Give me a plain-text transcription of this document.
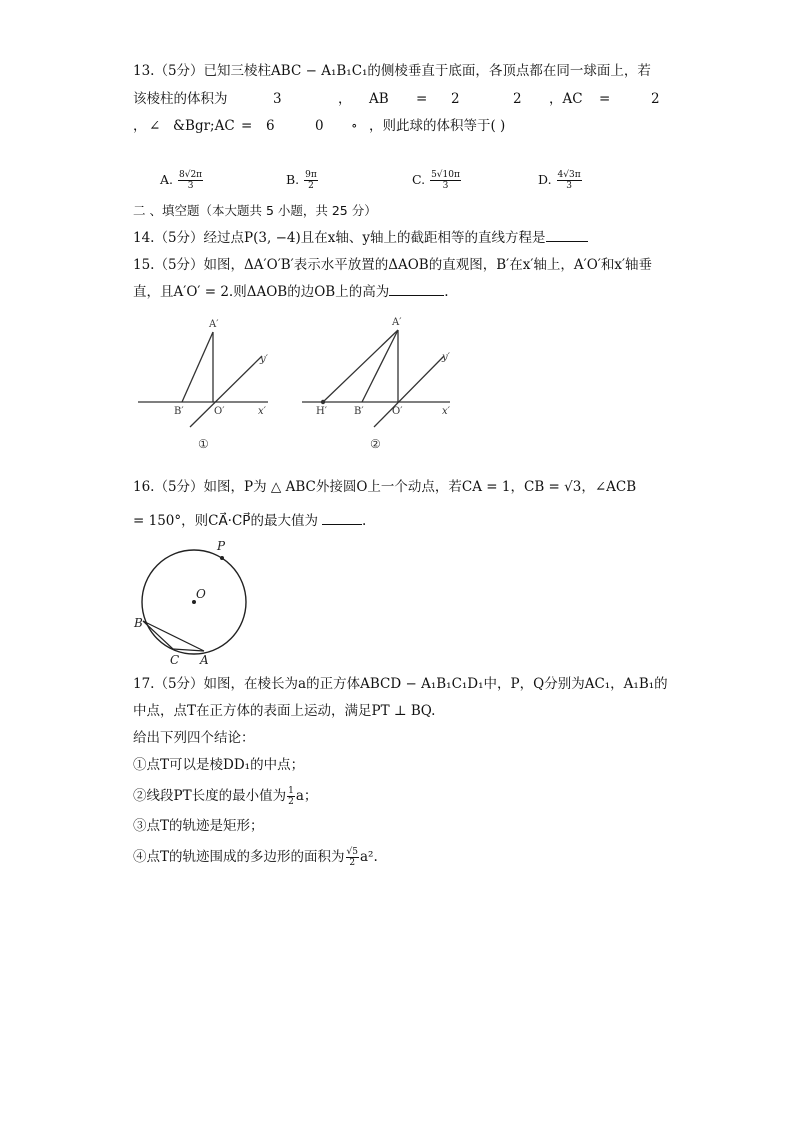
13.（5分）已知三棱柱ABC − A₁B₁C₁的侧棱垂直于底面，各顶点都在同一球面上，若
该棱柱的体积为	3	， AB = 2	2 ，AC =	2
， ∠ &Bgr;AC = 6	0 ∘ ，则此球的体积等于( )
A. $\frac{8√2\pi}{3}$	B. $\frac{9\pi}{2}$	C. $\frac{5√10\pi}{3}$	D. $\frac{4√3\pi}{3}$
二 、填空题（本大题共 5 小题，共 25 分）
14.（5分）经过点P(3, −4)且在x轴、y轴上的截距相等的直线方程是
15.（5分）如图，ΔA′O′B′表示水平放置的ΔAOB的直观图，B′在x′轴上，A′O′和x′轴垂
直，且A′O′ = 2.则ΔAOB的边OB上的高为	.
A′
B′	O′	x′
y′
①
A′
H′	B′	O′	x′
y′
②
16.（5分）如图，P为 △ ABC外接圆O上一个动点，若CA = 1，CB = √3，∠ACB
= 150°，则CA⃗·CP⃗的最大值为	.
P
O
B
C A
17.（5分）如图，在棱长为a的正方体ABCD − A₁B₁C₁D₁中，P，Q分别为AC₁，A₁B₁的
中点，点T在正方体的表面上运动，满足PT ⊥ BQ.
给出下列四个结论：
①点T可以是棱DD₁的中点；
②线段PT长度的最小值为 $\frac{1}{2}$ a；
③点T的轨迹是矩形；
④点T的轨迹围成的多边形的面积为 $\frac{√5}{2} a^2$.
